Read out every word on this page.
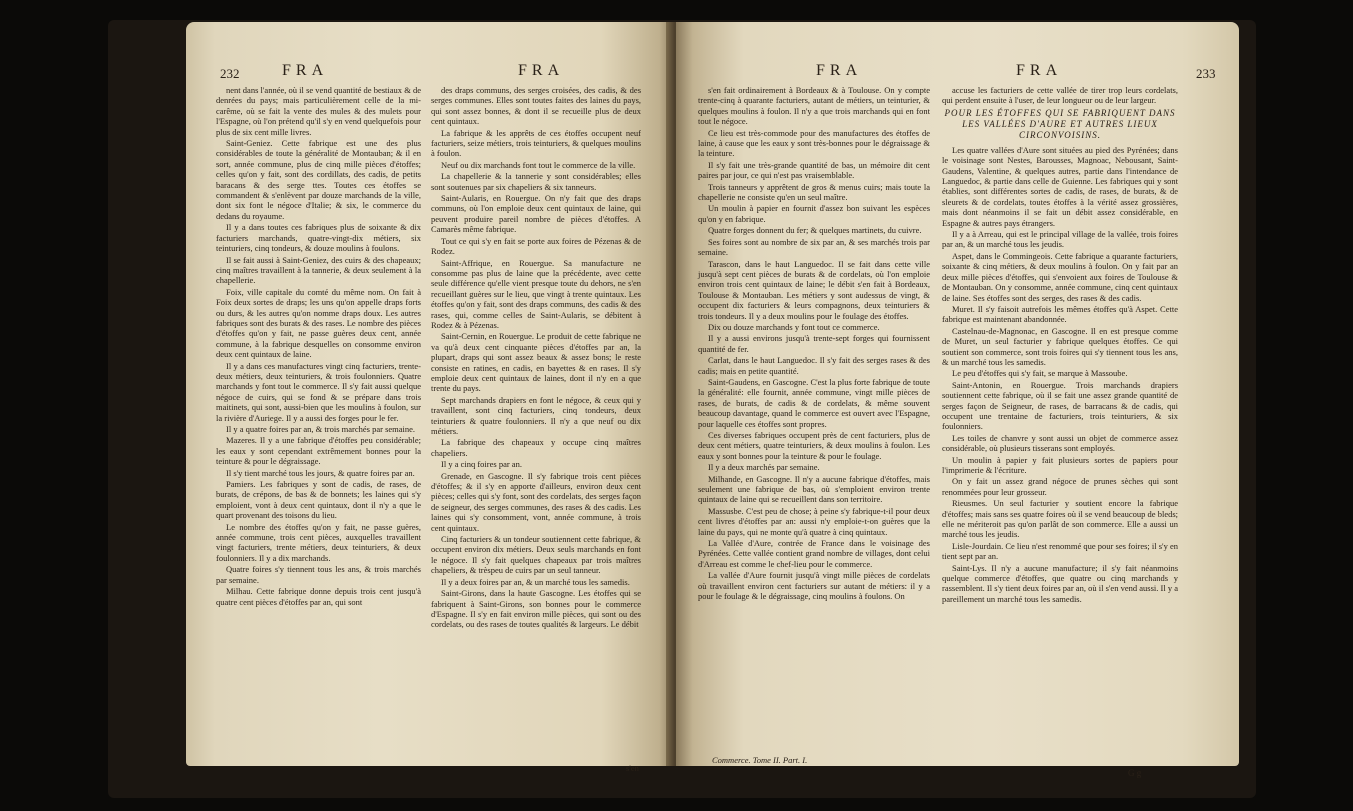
232	FRA	FRA

nent dans l'année, où il se vend quantité de bestiaux & de denrées du pays; mais particulièrement celle de la mi-carême, où se fait la vente des mules & des mulets pour l'Espagne, où l'on prétend qu'il s'y en vend quelquefois pour plus de six cent mille livres.

Saint-Geniez. Cette fabrique est une des plus considérables de toute la généralité de Montauban; & il en sort, année commune, plus de cinq mille pièces d'étoffes; celles qu'on y fait, sont des cordillats, des cadis, de petits baracans & des serge ttes. Toutes ces étoffes se commandent & s'enlèvent par douze marchands de la ville, dont six font le négoce d'Italie; & six, le commerce du dedans du royaume.

Il y a dans toutes ces fabriques plus de soixante & dix facturiers marchands, quatre-vingt-dix métiers, six teinturiers, cinq tondeurs, & douze moulins à foulons.

Il se fait aussi à Saint-Geniez, des cuirs & des chapeaux; cinq maîtres travaillent à la tannerie, & deux seulement à la chapellerie.

Foix, ville capitale du comté du même nom. On fait à Foix deux sortes de draps; les uns qu'on appelle draps forts ou durs, & les autres qu'on nomme draps doux. Les autres fabriques sont des burats & des rases. Le nombre des pièces d'étoffes qu'on y fait, ne passe guères deux cent, année commune, à la fabrique desquelles on consomme environ deux cent quintaux de laine.

Il y a dans ces manufactures vingt cinq facturiers, trente-deux métiers, deux teinturiers, & trois foulonniers. Quatre marchands y font tout le commerce. Il s'y fait aussi quelque négoce de cuirs, qui se fond & se prépare dans trois maitinets, qui sont, aussi-bien que les moulins à foulon, sur la rivière d'Auriege. Il y a aussi des forges pour le fer.

Il y a quatre foires par an, & trois marchés par semaine.

Mazeres. Il y a une fabrique d'étoffes peu considérable; les eaux y sont cependant extrêmement bonnes pour la teinture & pour le dégraissage.

Il s'y tient marché tous les jours, & quatre foires par an.

Pamiers. Les fabriques y sont de cadis, de rases, de burats, de crépons, de bas & de bonnets; les laines qui s'y emploient, vont à deux cent quintaux, dont il n'y a que le quart provenant des toisons du lieu.

Le nombre des étoffes qu'on y fait, ne passe guères, année commune, trois cent pièces, auxquelles travaillent vingt facturiers, trente métiers, deux teinturiers, & deux foulonniers. Il y a dix marchands.

Quatre foires s'y tiennent tous les ans, & trois marchés par semaine.

Milhau. Cette fabrique donne depuis trois cent jusqu'à quatre cent pièces d'étoffes par an, qui sont

des draps communs, des serges croisées, des cadis, & des serges communes. Elles sont toutes faites des laines du pays, qui sont assez bonnes, & dont il se recueille plus de deux cent quintaux.

La fabrique & les apprêts de ces étoffes occupent neuf facturiers, seize métiers, trois teinturiers, & quelques moulins à foulon.

Neuf ou dix marchands font tout le commerce de la ville.

La chapellerie & la tannerie y sont considérables; elles sont soutenues par six chapeliers & six tanneurs.

Saint-Aularis, en Rouergue. On n'y fait que des draps communs, où l'on emploie deux cent quintaux de laine, qui peuvent produire pareil nombre de pièces d'étoffes. A Camarès même fabrique.

Tout ce qui s'y en fait se porte aux foires de Pézenas & de Rodez.

Saint-Affrique, en Rouergue. Sa manufacture ne consomme pas plus de laine que la précédente, avec cette seule différence qu'elle vient presque toute du dehors, ne s'en recueillant guères sur le lieu, que vingt à trente quintaux. Les étoffes qu'on y fait, sont des draps communs, des cadis & des rases, qui, comme celles de Saint-Aularis, se débitent à Rodez & à Pézenas.

Saint-Cernin, en Rouergue. Le produit de cette fabrique ne va qu'à deux cent cinquante pièces d'étoffes par an, la plupart, draps qui sont assez beaux & assez bons; le reste consiste en ratines, en cadis, en bayettes & en rases. Il s'y emploie deux cent quintaux de laines, dont il n'y en a que trente du pays.

Sept marchands drapiers en font le négoce, & ceux qui y travaillent, sont cinq facturiers, cinq tondeurs, deux teinturiers & quatre foulonniers. Il n'y a que neuf ou dix métiers.

La fabrique des chapeaux y occupe cinq maîtres chapeliers.

Il y a cinq foires par an.

Grenade, en Gascogne. Il s'y fabrique trois cent pièces d'étoffes; & il s'y en apporte d'ailleurs, environ deux cent pièces; celles qui s'y font, sont des cordelats, des serges façon de seigneur, des serges communes, des rases & des cadis. Les laines qui s'y consomment, vont, année commune, à trois cent quintaux.

Cinq facturiers & un tondeur soutiennent cette fabrique, & occupent environ dix métiers. Deux seuls marchands en font le négoce. Il s'y fait quelques chapeaux par trois maîtres chapeliers, & trèspeu de cuirs par un seul tanneur.

Il y a deux foires par an, & un marché tous les samedis.

Saint-Girons, dans la haute Gascogne. Les étoffes qui se fabriquent à Saint-Girons, son bonnes pour le commerce d'Espagne. Il s'y en fait environ mille pièces, qui sont ou des cordelats, ou des rases de toutes qualités & largeurs. Le débit

s'en
FRA	FRA	233

s'en fait ordinairement à Bordeaux & à Toulouse. On y compte trente-cinq à quarante facturiers, autant de métiers, un teinturier, & quelques moulins à foulon. Il n'y a que trois marchands qui en font tout le négoce.

Ce lieu est très-commode pour des manufactures des étoffes de laine, à cause que les eaux y sont très-bonnes pour le dégraissage & la teinture.

Il s'y fait une très-grande quantité de bas, un mémoire dit cent paires par jour, ce qui n'est pas vraisemblable.

Trois tanneurs y apprêtent de gros & menus cuirs; mais toute la chapellerie ne consiste qu'en un seul maître.

Un moulin à papier en fournit d'assez bon suivant les espèces qu'on y en fabrique.

Quatre forges donnent du fer; & quelques martinets, du cuivre.

Ses foires sont au nombre de six par an, & ses marchés trois par semaine.

Tarascon, dans le haut Languedoc. Il se fait dans cette ville jusqu'à sept cent pièces de burats & de cordelats, où l'on emploie environ trois cent quintaux de laine; le débit s'en fait à Bordeaux, Toulouse & Montauban. Les métiers y sont audessus de vingt, & occupent dix facturiers & leurs compagnons, deux teinturiers & trois tondeurs. Il y a deux moulins pour le foulage des étoffes.

Dix ou douze marchands y font tout ce commerce.

Il y a aussi environs jusqu'à trente-sept forges qui fournissent quantité de fer.

Carlat, dans le haut Languedoc. Il s'y fait des serges rases & des cadis; mais en petite quantité.

Saint-Gaudens, en Gascogne. C'est la plus forte fabrique de toute la généralité: elle fournit, année commune, vingt mille pièces de rases, de burats, de cadis & de cordelats, & même souvent beaucoup davantage, quand le commerce est ouvert avec l'Espagne, pour laquelle ces étoffes sont propres.

Ces diverses fabriques occupent près de cent facturiers, plus de deux cent métiers, quatre teinturiers, & deux moulins à foulon. Les eaux y sont bonnes pour la teinture & pour le foulage.

Il y a deux marchés par semaine.

Milhande, en Gascogne. Il n'y a aucune fabrique d'étoffes, mais seulement une fabrique de bas, où s'emploient environ trente quintaux de laine qui se recueillent dans son territoire.

Massusbe. C'est peu de chose; à peine s'y fabrique-t-il pour deux cent livres d'étoffes par an: aussi n'y emploie-t-on guères que la laine du pays, qui ne monte qu'à quatre à cinq quintaux.

La Vallée d'Aure, contrée de France dans le voisinage des Pyrénées. Cette vallée contient grand nombre de villages, dont celui d'Arreau est comme le chef-lieu pour le commerce.

La vallée d'Aure fournit jusqu'à vingt mille pièces de cordelats où travaillent environ cent facturiers sur autant de métiers: il y a pour le foulage & le dégraissage, cinq moulins à foulons. On

Commerce. Tome II. Part. I.

accuse les facturiers de cette vallée de tirer trop leurs cordelats, qui perdent ensuite à l'user, de leur longueur ou de leur largeur.

POUR LES ÉTOFFES QUI SE FABRIQUENT DANS LES VALLÉES D'AURE ET AUTRES LIEUX CIRCONVOISINS.

Les quatre vallées d'Aure sont situées au pied des Pyrénées; dans le voisinage sont Nestes, Barousses, Magnoac, Nebousant, Saint-Gaudens, Valentine, & quelques autres, partie dans l'intendance de Languedoc, & partie dans celle de Guienne. Les fabriques qui y sont établies, sont différentes sortes de cadis, de rases, de burats, & de sleurets & de cordelats, toutes étoffes à la vérité assez grossières, mais dont néanmoins il se fait un débit assez considérable, en Espagne & autres pays étrangers.

Il y a à Arreau, qui est le principal village de la vallée, trois foires par an, & un marché tous les jeudis.

Aspet, dans le Commingeois. Cette fabrique a quarante facturiers, soixante & cinq métiers, & deux moulins à foulon. On y fait par an deux mille pièces d'étoffes, qui s'envoient aux foires de Toulouse & de Montauban. On y consomme, année commune, cinq cent quintaux de laine. Ses étoffes sont des serges, des rases & des cadis.

Muret. Il s'y faisoit autrefois les mêmes étoffes qu'à Aspet. Cette fabrique est maintenant abandonnée.

Castelnau-de-Magnonac, en Gascogne. Il en est presque comme de Muret, un seul facturier y fabrique quelques étoffes. Ce qui soutient son commerce, sont trois foires qui s'y tiennent tous les ans, & un marché tous les samedis.

Le peu d'étoffes qui s'y fait, se marque à Massoube.

Saint-Antonin, en Rouergue. Trois marchands drapiers soutiennent cette fabrique, où il se fait une assez grande quantité de serges façon de Seigneur, de rases, de barracans & de cadis, qui occupent une trentaine de facturiers, trois teinturiers, & six foulonniers.

Les toiles de chanvre y sont aussi un objet de commerce assez considérable, où plusieurs tisserans sont employés.

Un moulin à papier y fait plusieurs sortes de papiers pour l'imprimerie & l'écriture.

On y fait un assez grand négoce de prunes sèches qui sont renommées pour leur grosseur.

Rieusmes. Un seul facturier y soutient encore la fabrique d'étoffes; mais sans ses quatre foires où il se vend beaucoup de bleds; elle ne mériteroit pas qu'on parlât de son commerce. Elle a aussi un marché tous les jeudis.

Lisle-Jourdain. Ce lieu n'est renommé que pour ses foires; il s'y en tient sept par an.

Saint-Lys. Il n'y a aucune manufacture; il s'y fait néanmoins quelque commerce d'étoffes, que quatre ou cinq marchands y rassemblent. Il s'y tient deux foires par an, où il s'en vend aussi. Il y a pareillement un marché tous les samedis.

G g
